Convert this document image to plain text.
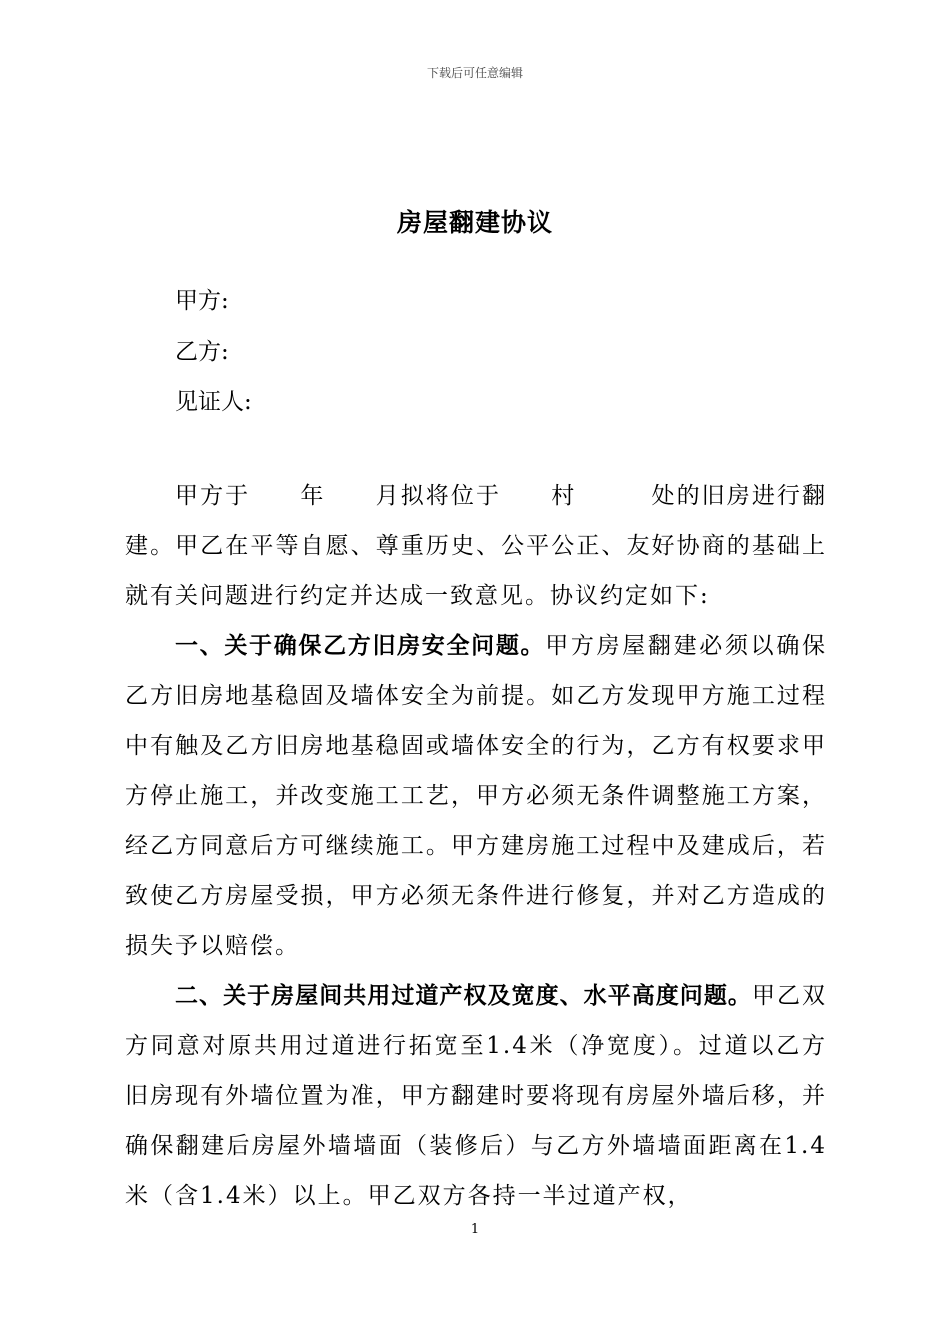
下载后可任意编辑
房屋翻建协议
甲方:
乙方:
见证人:

甲方于　　年　　月拟将位于　　村　　　处的旧房进行翻建。甲乙在平等自愿、尊重历史、公平公正、友好协商的基础上就有关问题进行约定并达成一致意见。协议约定如下:

一、关于确保乙方旧房安全问题。甲方房屋翻建必须以确保乙方旧房地基稳固及墙体安全为前提。如乙方发现甲方施工过程中有触及乙方旧房地基稳固或墙体安全的行为，乙方有权要求甲方停止施工，并改变施工工艺，甲方必须无条件调整施工方案，经乙方同意后方可继续施工。甲方建房施工过程中及建成后，若致使乙方房屋受损，甲方必须无条件进行修复，并对乙方造成的损失予以赔偿。

二、关于房屋间共用过道产权及宽度、水平高度问题。甲乙双方同意对原共用过道进行拓宽至1.4米（净宽度）。过道以乙方旧房现有外墙位置为准，甲方翻建时要将现有房屋外墙后移，并确保翻建后房屋外墙墙面（装修后）与乙方外墙墙面距离在1.4米（含1.4米）以上。甲乙双方各持一半过道产权，

1
